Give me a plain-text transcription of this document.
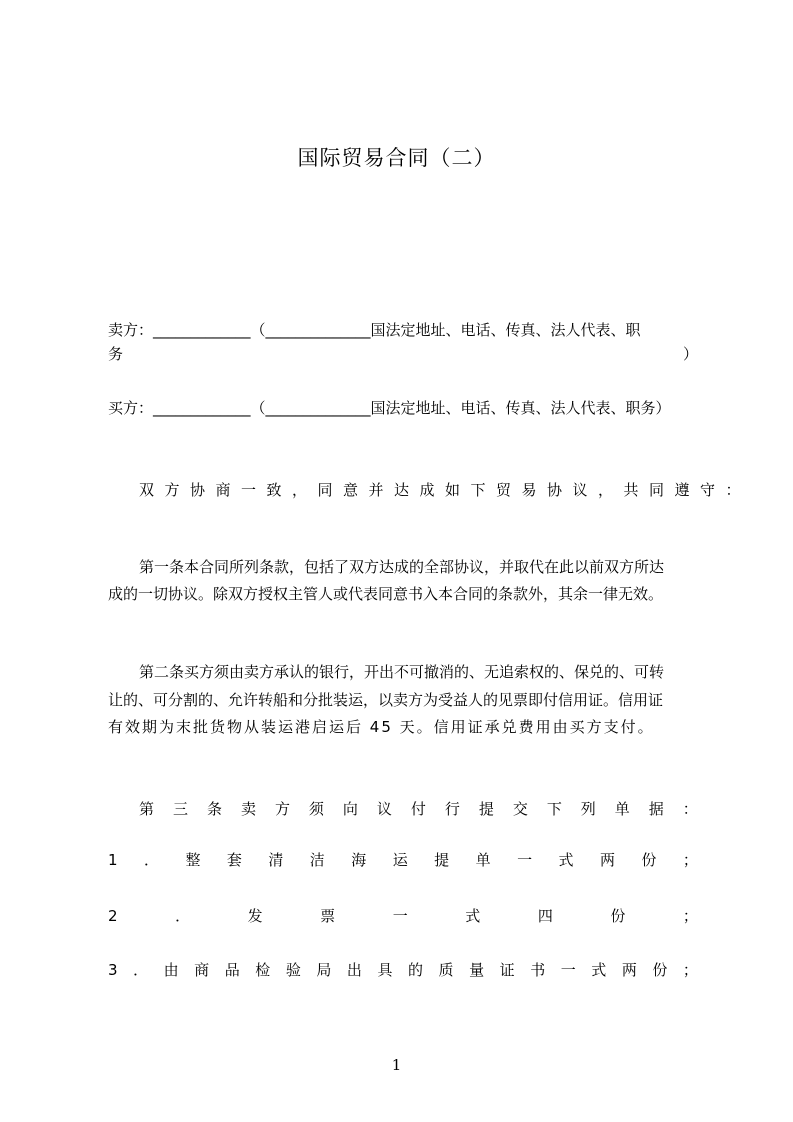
国际贸易合同（二）
卖方：_____________（______________国法定地址、电话、传真、法人代表、职
务	）
买方：_____________（______________国法定地址、电话、传真、法人代表、职务）
双方协商一致，同意并达成如下贸易协议，共同遵守：
第一条本合同所列条款，包括了双方达成的全部协议，并取代在此以前双方所达
成的一切协议。除双方授权主管人或代表同意书入本合同的条款外，其余一律无效。
第二条买方须由卖方承认的银行，开出不可撤消的、无追索权的、保兑的、可转
让的、可分割的、允许转船和分批装运，以卖方为受益人的见票即付信用证。信用证
有效期为末批货物从装运港启运后 45 天。信用证承兑费用由买方支付。
第 三 条 卖 方 须 向 议 付 行 提 交 下 列 单 据 ：
1 ． 整 套 清 洁 海 运 提 单 一 式 两 份 ；
2	．	发	票	一	式	四	份	；
3 ． 由 商 品 检 验 局 出 具 的 质 量 证 书 一 式 两 份 ；
1
